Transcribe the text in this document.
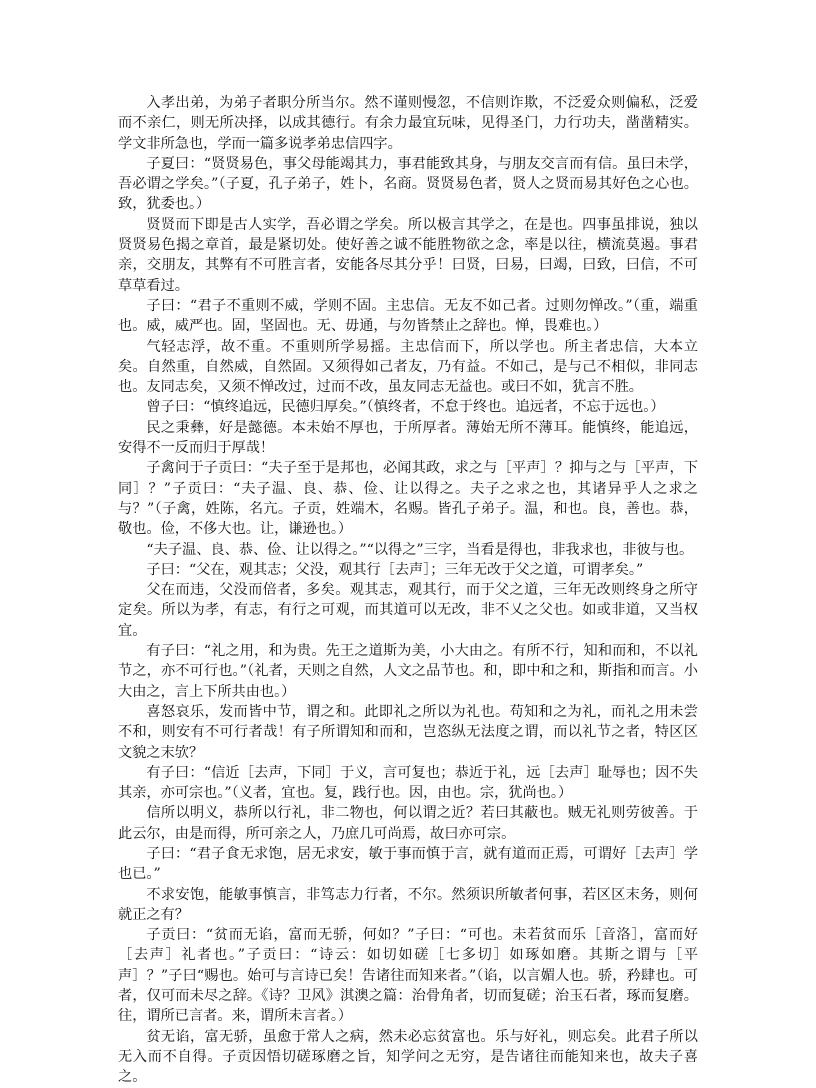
入孝出弟，为弟子者职分所当尔。然不谨则慢忽，不信则诈欺，不泛爱众则偏私，泛爱而不亲仁，则无所决择，以成其德行。有余力最宜玩味，见得圣门，力行功夫，凿凿精实。学文非所急也，学而一篇多说孝弟忠信四字。

子夏曰：“贤贤易色，事父母能竭其力，事君能致其身，与朋友交言而有信。虽曰未学，吾必谓之学矣。”（子夏，孔子弟子，姓卜，名商。贤贤易色者，贤人之贤而易其好色之心也。致，犹委也。）

贤贤而下即是古人实学，吾必谓之学矣。所以极言其学之，在是也。四事虽排说，独以贤贤易色揭之章首，最是紧切处。使好善之诚不能胜物欲之念，率是以往，横流莫遏。事君亲，交朋友，其弊有不可胜言者，安能各尽其分乎！曰贤，曰易，曰竭，曰致，曰信，不可草草看过。

子曰：“君子不重则不威，学则不固。主忠信。无友不如己者。过则勿惮改。”（重，端重也。威，威严也。固，坚固也。无、毋通，与勿皆禁止之辞也。惮，畏难也。）

气轻志浮，故不重。不重则所学易摇。主忠信而下，所以学也。所主者忠信，大本立矣。自然重，自然威，自然固。又须得如己者友，乃有益。不如己，是与己不相似，非同志也。友同志矣，又须不惮改过，过而不改，虽友同志无益也。或曰不如，犹言不胜。

曾子曰：“慎终追远，民德归厚矣。”（慎终者，不怠于终也。追远者，不忘于远也。）

民之秉彝，好是懿德。本未始不厚也，于所厚者。薄始无所不薄耳。能慎终，能追远，安得不一反而归于厚哉！

子禽问于子贡曰：“夫子至于是邦也，必闻其政，求之与［平声］？抑与之与［平声，下同］？”子贡曰：“夫子温、良、恭、俭、让以得之。夫子之求之也，其诸异乎人之求之与？”（子禽，姓陈，名亢。子贡，姓端木，名赐。皆孔子弟子。温，和也。良，善也。恭，敬也。俭，不侈大也。让，谦逊也。）

“夫子温、良、恭、俭、让以得之。”“以得之”三字，当看是得也，非我求也，非彼与也。

子曰：“父在，观其志；父没，观其行［去声］；三年无改于父之道，可谓孝矣。”

父在而违，父没而倍者，多矣。观其志，观其行，而于父之道，三年无改则终身之所守定矣。所以为孝，有志，有行之可观，而其道可以无改，非不乂之父也。如或非道，又当权宜。

有子曰：“礼之用，和为贵。先王之道斯为美，小大由之。有所不行，知和而和，不以礼节之，亦不可行也。”（礼者，天则之自然，人文之品节也。和，即中和之和，斯指和而言。小大由之，言上下所共由也。）

喜怒哀乐，发而皆中节，谓之和。此即礼之所以为礼也。苟知和之为礼，而礼之用未尝不和，则安有不可行者哉！有子所谓知和而和，岂恣纵无法度之谓，而以礼节之者，特区区文貌之末欤？

有子曰：“信近［去声，下同］于义，言可复也；恭近于礼，远［去声］耻辱也；因不失其亲，亦可宗也。”（义者，宜也。复，践行也。因，由也。宗，犹尚也。）

信所以明义，恭所以行礼，非二物也，何以谓之近？若曰其蔽也。贼无礼则劳彼善。于此云尔，由是而得，所可亲之人，乃庶几可尚焉，故曰亦可宗。

子曰：“君子食无求饱，居无求安，敏于事而慎于言，就有道而正焉，可谓好［去声］学也已。”

不求安饱，能敏事慎言，非笃志力行者，不尔。然须识所敏者何事，若区区末务，则何就正之有？

子贡曰：“贫而无谄，富而无骄，何如？”子曰：“可也。未若贫而乐［音洛］，富而好［去声］礼者也。”子贡曰：“诗云：如切如磋［七多切］如琢如磨。其斯之谓与［平声］？”子曰“赐也。始可与言诗已矣！告诸往而知来者。”（谄，以言媚人也。骄，矜肆也。可者，仅可而未尽之辞。《诗？卫风》淇澳之篇：治骨角者，切而复磋；治玉石者，琢而复磨。往，谓所已言者。来，谓所未言者。）

贫无谄，富无骄，虽愈于常人之病，然未必忘贫富也。乐与好礼，则忘矣。此君子所以无入而不自得。子贡因悟切磋琢磨之旨，知学问之无穷，是告诸往而能知来也，故夫子喜之。
